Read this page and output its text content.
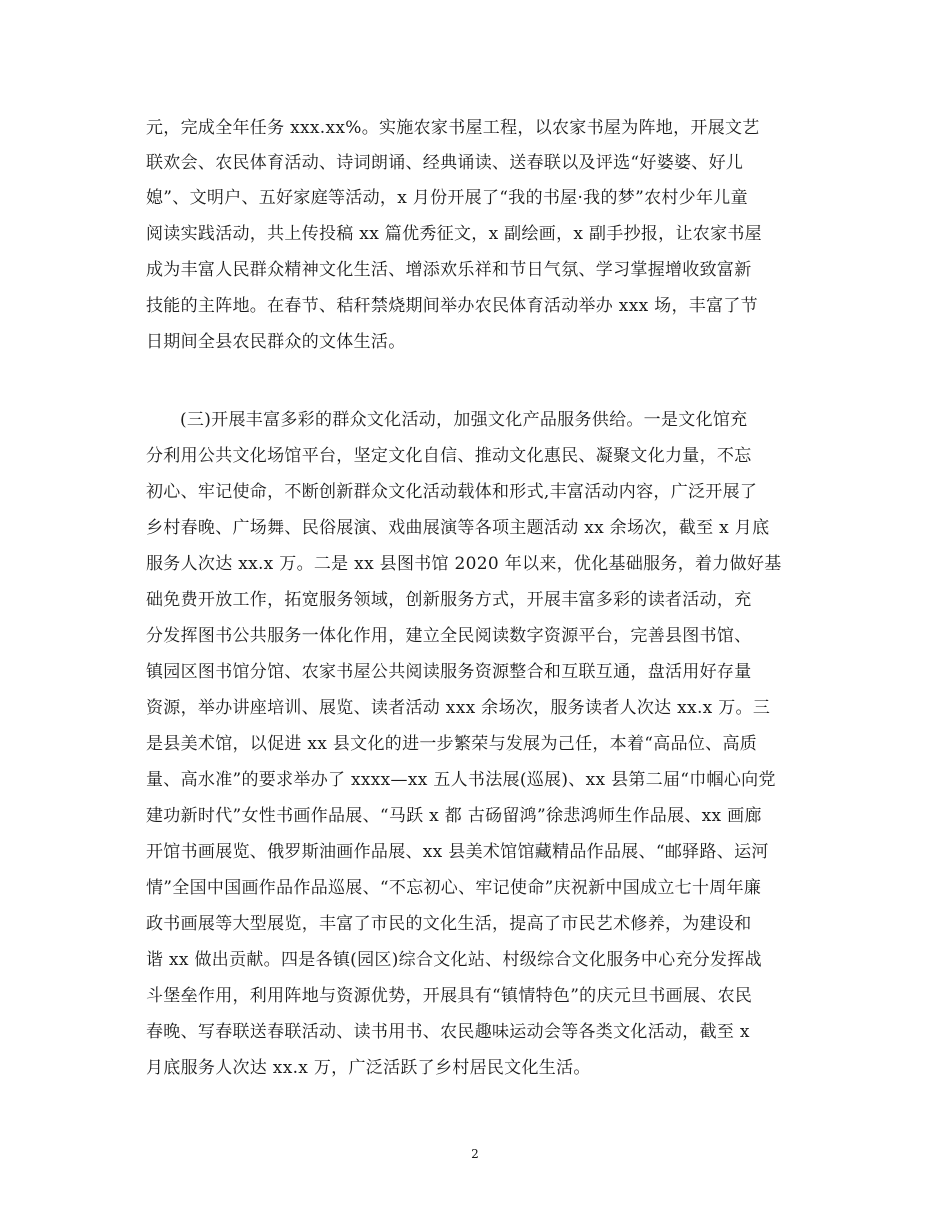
元，完成全年任务 xxx.xx%。实施农家书屋工程，以农家书屋为阵地，开展文艺
联欢会、农民体育活动、诗词朗诵、经典诵读、送春联以及评选“好婆婆、好儿
媳”、文明户、五好家庭等活动，x 月份开展了“我的书屋·我的梦”农村少年儿童
阅读实践活动，共上传投稿 xx 篇优秀征文，x 副绘画，x 副手抄报，让农家书屋
成为丰富人民群众精神文化生活、增添欢乐祥和节日气氛、学习掌握增收致富新
技能的主阵地。在春节、秸秆禁烧期间举办农民体育活动举办 xxx 场，丰富了节
日期间全县农民群众的文体生活。
(三)开展丰富多彩的群众文化活动，加强文化产品服务供给。一是文化馆充
分利用公共文化场馆平台，坚定文化自信、推动文化惠民、凝聚文化力量，不忘
初心、牢记使命，不断创新群众文化活动载体和形式,丰富活动内容，广泛开展了
乡村春晚、广场舞、民俗展演、戏曲展演等各项主题活动 xx 余场次，截至 x 月底
服务人次达 xx.x 万。二是 xx 县图书馆 2020 年以来，优化基础服务，着力做好基
础免费开放工作，拓宽服务领域，创新服务方式，开展丰富多彩的读者活动，充
分发挥图书公共服务一体化作用，建立全民阅读数字资源平台，完善县图书馆、
镇园区图书馆分馆、农家书屋公共阅读服务资源整合和互联互通，盘活用好存量
资源，举办讲座培训、展览、读者活动 xxx 余场次，服务读者人次达 xx.x 万。三
是县美术馆，以促进 xx 县文化的进一步繁荣与发展为己任，本着“高品位、高质
量、高水准”的要求举办了 xxxx—xx 五人书法展(巡展)、xx 县第二届“巾帼心向党
建功新时代”女性书画作品展、“马跃 x 都 古砀留鸿”徐悲鸿师生作品展、xx 画廊
开馆书画展览、俄罗斯油画作品展、xx 县美术馆馆藏精品作品展、“邮驿路、运河
情”全国中国画作品作品巡展、“不忘初心、牢记使命”庆祝新中国成立七十周年廉
政书画展等大型展览，丰富了市民的文化生活，提高了市民艺术修养，为建设和
谐 xx 做出贡献。四是各镇(园区)综合文化站、村级综合文化服务中心充分发挥战
斗堡垒作用，利用阵地与资源优势，开展具有“镇情特色”的庆元旦书画展、农民
春晚、写春联送春联活动、读书用书、农民趣味运动会等各类文化活动，截至 x
月底服务人次达 xx.x 万，广泛活跃了乡村居民文化生活。
2
